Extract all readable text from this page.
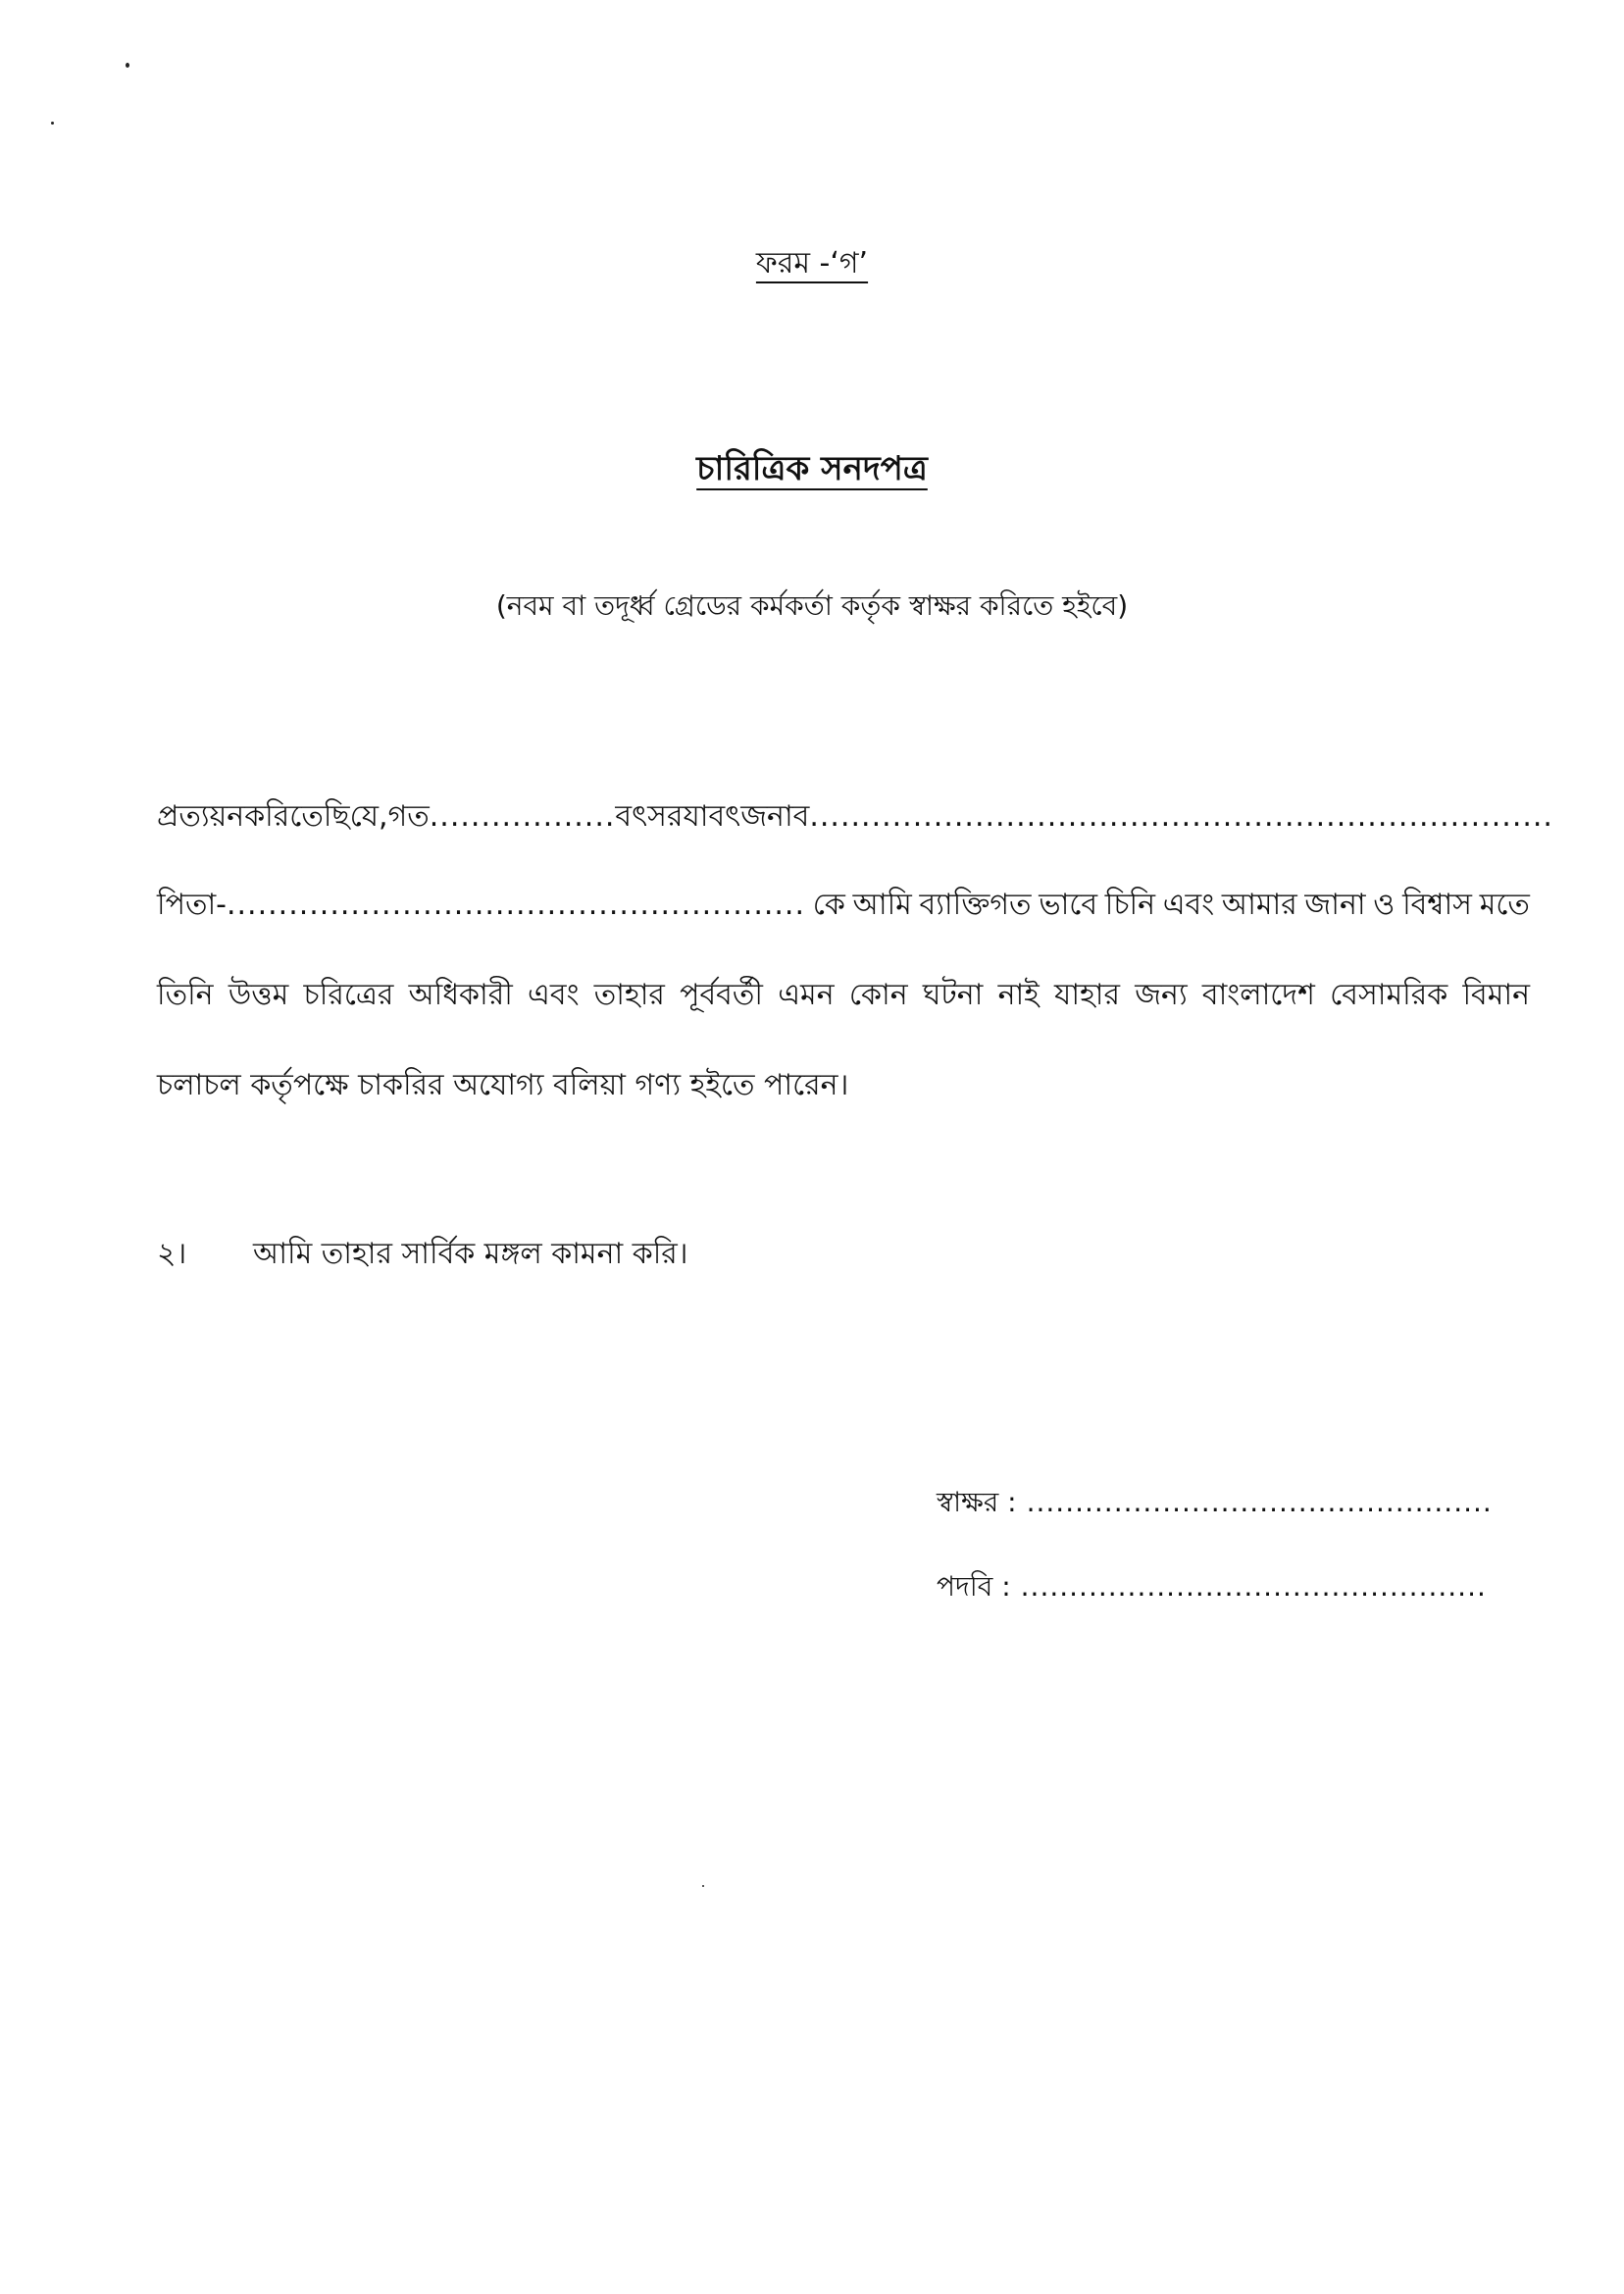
ফরম -‘গ’
চারিত্রিক সনদপত্র
(নবম বা তদূর্ধ্ব গ্রেডের কর্মকর্তা কর্তৃক স্বাক্ষর করিতে হইবে)
প্রত্যয়ন করিতেছি যে, গত.................. বৎসর যাবৎ জনাব........................................................................
পিতা-........................................................ কে আমি ব্যাক্তিগত ভাবে চিনি এবং আমার জানা ও বিশ্বাস মতে
তিনি উত্তম চরিত্রের অধিকারী এবং তাহার পূর্ববর্তী এমন কোন ঘটনা নাই যাহার জন্য বাংলাদেশ বেসামরিক বিমান
চলাচল কর্তৃপক্ষে চাকরির অযোগ্য বলিয়া গণ্য হইতে পারেন।
২। আমি তাহার সার্বিক মঙ্গল কামনা করি।
স্বাক্ষর : ................................................
পদবি : ................................................
